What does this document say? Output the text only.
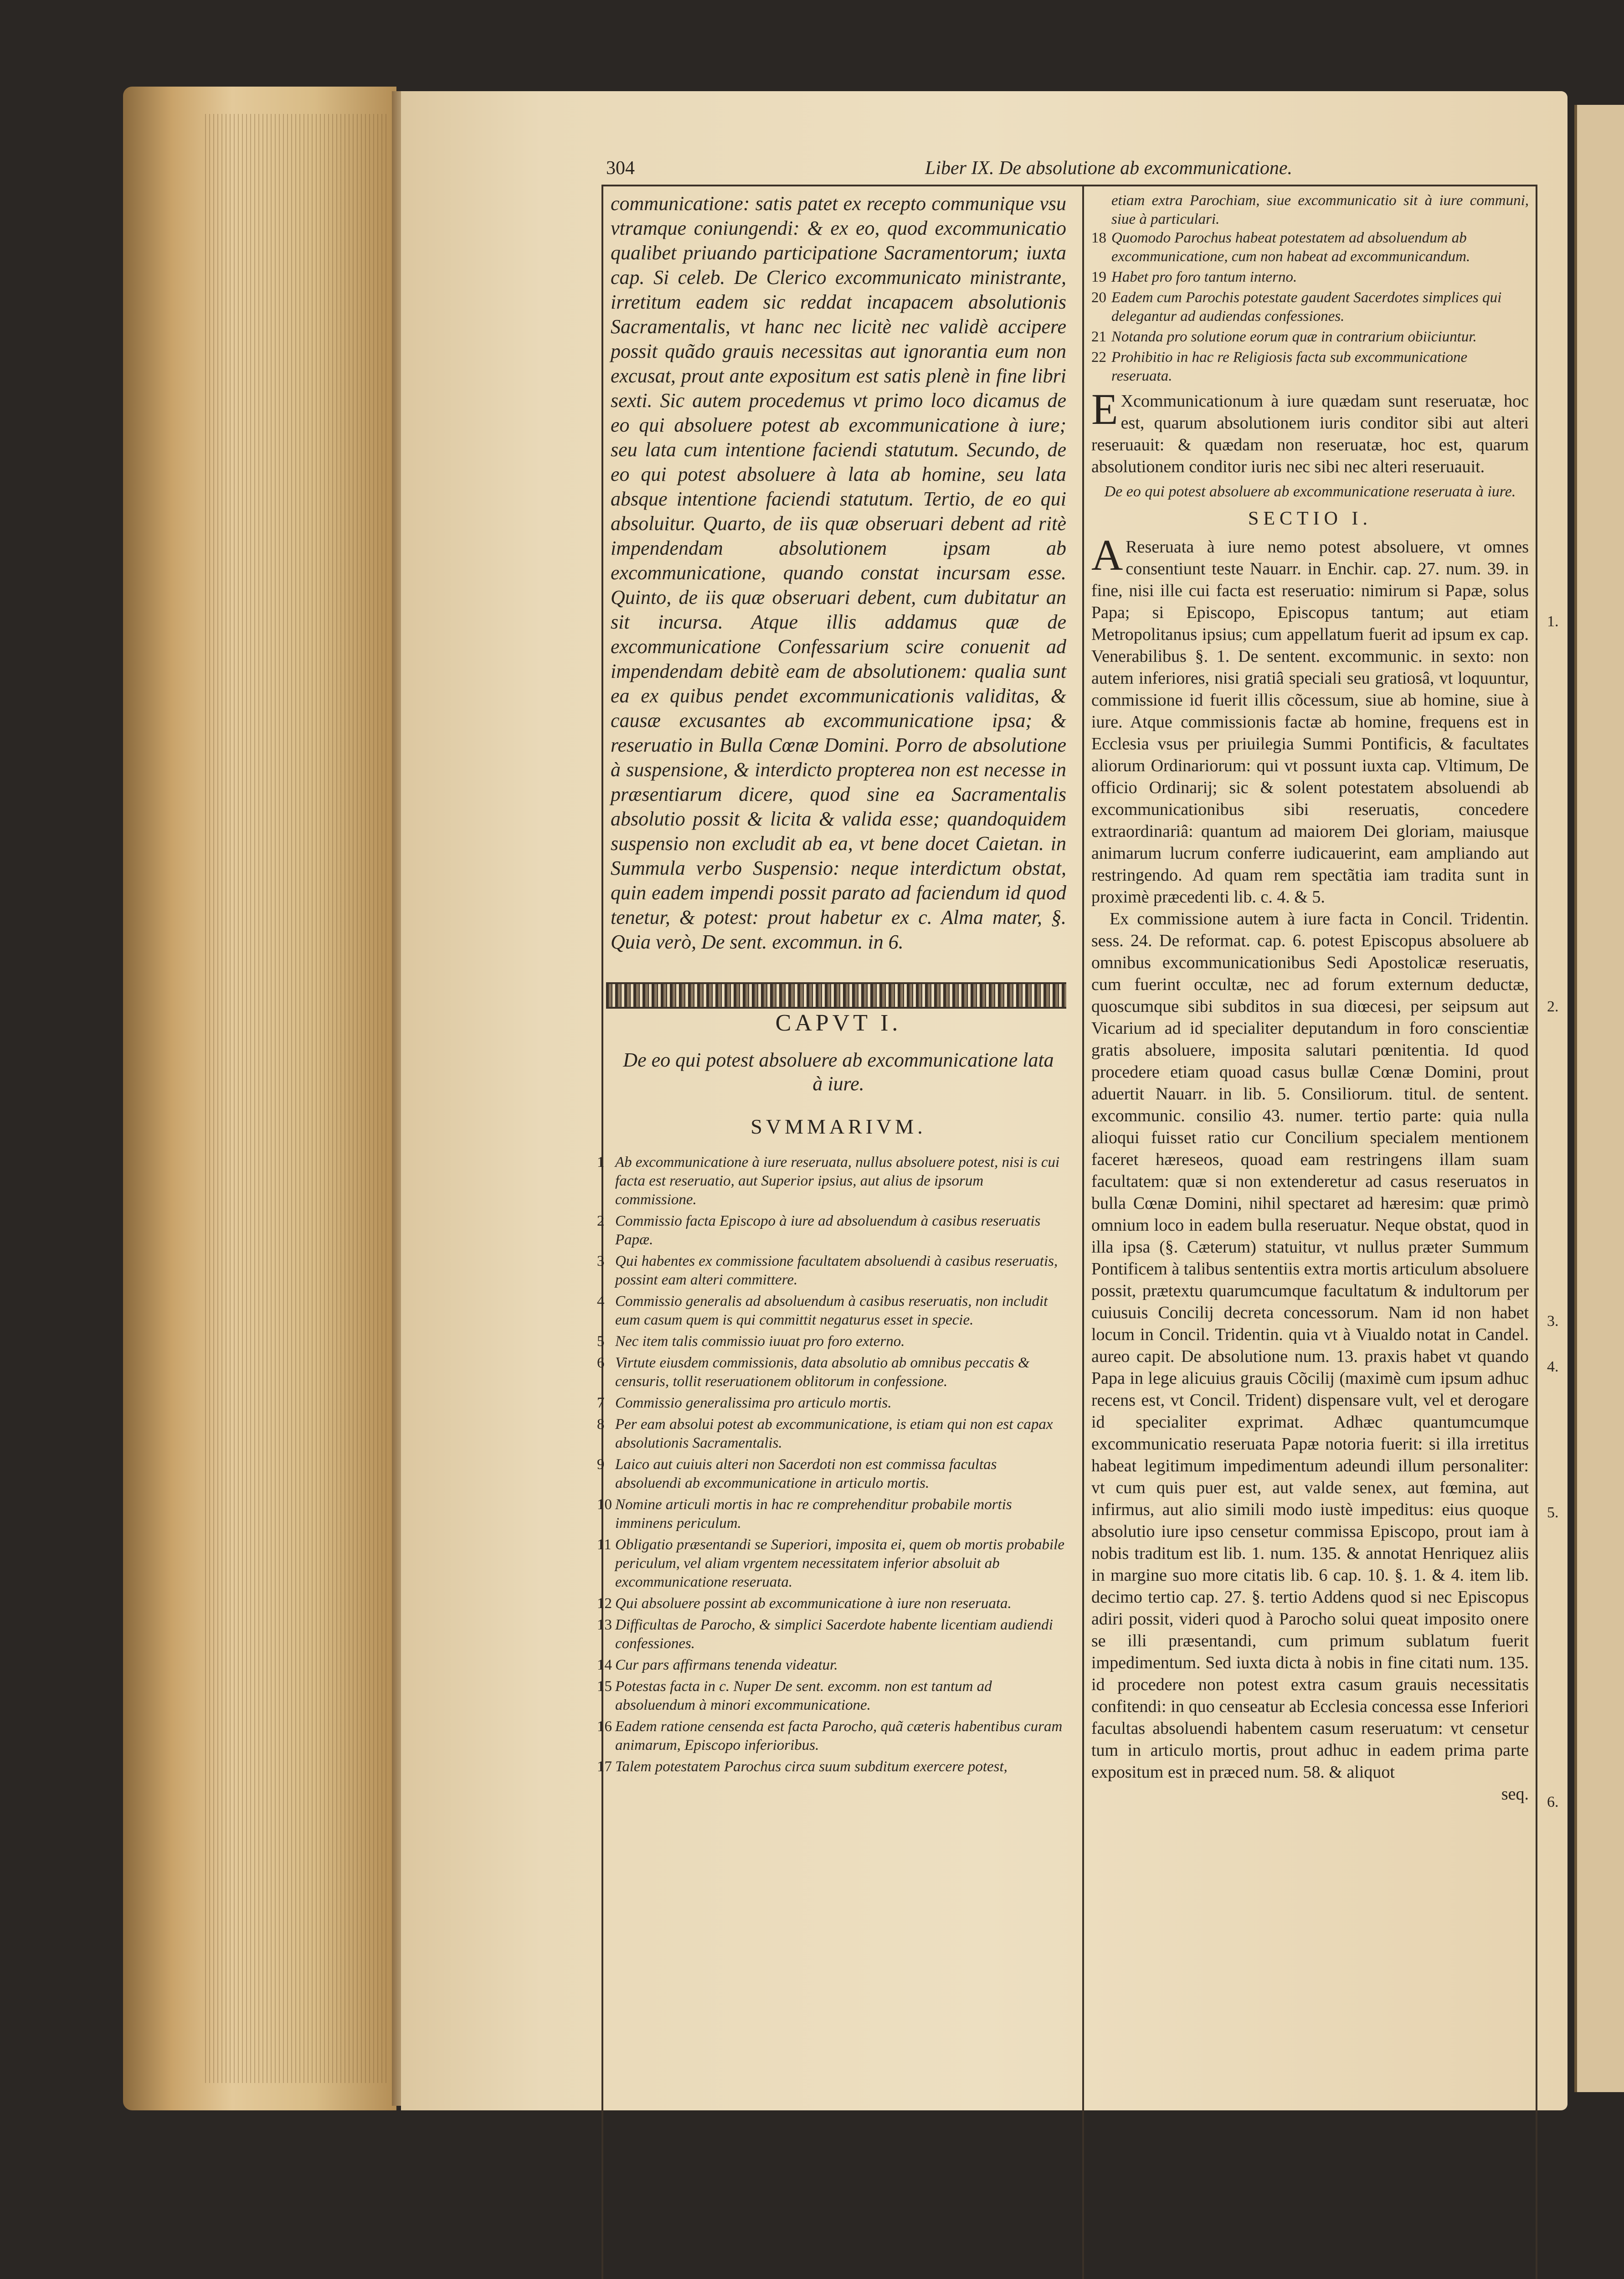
304	Liber IX. De absolutione ab excommunicatione.

communicatione: satis patet ex recepto communique vsu vtramque coniungendi: & ex eo, quod excommunicatio qualibet priuando participatione Sacramentorum; iuxta cap. Si celeb. De Clerico excommunicato ministrante, irretitum eadem sic reddat incapacem absolutionis Sacramentalis, vt hanc nec licitè nec validè accipere possit quãdo grauis necessitas aut ignorantia eum non excusat, prout ante expositum est satis plenè in fine libri sexti. Sic autem procedemus vt primo loco dicamus de eo qui absoluere potest ab excommunicatione à iure; seu lata cum intentione faciendi statutum. Secundo, de eo qui potest absoluere à lata ab homine, seu lata absque intentione faciendi statutum. Tertio, de eo qui absoluitur. Quarto, de iis quæ obseruari debent ad ritè impendendam absolutionem ipsam ab excommunicatione, quando constat incursam esse. Quinto, de iis quæ obseruari debent, cum dubitatur an sit incursa. Atque illis addamus quæ de excommunicatione Confessarium scire conuenit ad impendendam debitè eam de absolutionem: qualia sunt ea ex quibus pendet excommunicationis validitas, & causæ excusantes ab excommunicatione ipsa; & reseruatio in Bulla Cœnæ Domini. Porro de absolutione à suspensione, & interdicto propterea non est necesse in præsentiarum dicere, quod sine ea Sacramentalis absolutio possit & licita & valida esse; quandoquidem suspensio non excludit ab ea, vt bene docet Caietan. in Summula verbo Suspensio: neque interdictum obstat, quin eadem impendi possit parato ad faciendum id quod tenetur, & potest: prout habetur ex c. Alma mater, §. Quia verò, De sent. excommun. in 6.

CAPVT I.
De eo qui potest absoluere ab excommunicatione lata à iure.
SVMMARIVM.
1 Ab excommunicatione à iure reseruata, nullus absoluere potest, nisi is cui facta est reseruatio, aut Superior ipsius, aut alius de ipsorum commissione.
2 Commissio facta Episcopo à iure ad absoluendum à casibus reseruatis Papæ.
3 Qui habentes ex commissione facultatem absoluendi à casibus reseruatis, possint eam alteri committere.
4 Commissio generalis ad absoluendum à casibus reseruatis, non includit eum casum quem is qui committit negaturus esset in specie.
5 Nec item talis commissio iuuat pro foro externo.
6 Virtute eiusdem commissionis, data absolutio ab omnibus peccatis & censuris, tollit reseruationem oblitorum in confessione.
7 Commissio generalissima pro articulo mortis.
8 Per eam absolui potest ab excommunicatione, is etiam qui non est capax absolutionis Sacramentalis.
9 Laico aut cuiuis alteri non Sacerdoti non est commissa facultas absoluendi ab excommunicatione in articulo mortis.
10 Nomine articuli mortis in hac re comprehenditur probabile mortis imminens periculum.
11 Obligatio præsentandi se Superiori, imposita ei, quem ob mortis probabile periculum, vel aliam vrgentem necessitatem inferior absoluit ab excommunicatione reseruata.
12 Qui absoluere possint ab excommunicatione à iure non reseruata.
13 Difficultas de Parocho, & simplici Sacerdote habente licentiam audiendi confessiones.
14 Cur pars affirmans tenenda videatur.
15 Potestas facta in c. Nuper De sent. excomm. non est tantum ad absoluendum à minori excommunicatione.
16 Eadem ratione censenda est facta Parocho, quã cæteris habentibus curam animarum, Episcopo inferioribus.
17 Talem potestatem Parochus circa suum subditum exercere potest,

etiam extra Parochiam, siue excommunicatio sit à iure communi, siue à particulari.

18 Quomodo Parochus habeat potestatem ad absoluendum ab excommunicatione, cum non habeat ad excommunicandum.
19 Habet pro foro tantum interno.
20 Eadem cum Parochis potestate gaudent Sacerdotes simplices qui delegantur ad audiendas confessiones.
21 Notanda pro solutione eorum quæ in contrarium obiiciuntur.
22 Prohibitio in hac re Religiosis facta sub excommunicatione reseruata.

E Xcommunicationum à iure quædam sunt reseruatæ, hoc est, quarum absolutionem iuris conditor sibi aut alteri reseruauit: & quædam non reseruatæ, hoc est, quarum absolutionem conditor iuris nec sibi nec alteri reseruauit.

De eo qui potest absoluere ab excommunicatione reseruata à iure.
SECTIO I.

A Reseruata à iure nemo potest absoluere, vt omnes consentiunt teste Nauarr. in Enchir. cap. 27. num. 39. in fine, nisi ille cui facta est reseruatio: nimirum si Papæ, solus Papa; si Episcopo, Episcopus tantum; aut etiam Metropolitanus ipsius; cum appellatum fuerit ad ipsum ex cap. Venerabilibus §. 1. De sentent. excommunic. in sexto: non autem inferiores, nisi gratiâ speciali seu gratiosâ, vt loquuntur, commissione id fuerit illis cõcessum, siue ab homine, siue à iure. Atque commissionis factæ ab homine, frequens est in Ecclesia vsus per priuilegia Summi Pontificis, & facultates aliorum Ordinariorum: qui vt possunt iuxta cap. Vltimum, De officio Ordinarij; sic & solent potestatem absoluendi ab excommunicationibus sibi reseruatis, concedere extraordinariâ: quantum ad maiorem Dei gloriam, maiusque animarum lucrum conferre iudicauerint, eam ampliando aut restringendo. Ad quam rem spectãtia iam tradita sunt in proximè præcedenti lib. c. 4. & 5.

Ex commissione autem à iure facta in Concil. Tridentin. sess. 24. De reformat. cap. 6. potest Episcopus absoluere ab omnibus excommunicationibus Sedi Apostolicæ reseruatis, cum fuerint occultæ, nec ad forum externum deductæ, quoscumque sibi subditos in sua diœcesi, per seipsum aut Vicarium ad id specialiter deputandum in foro conscientiæ gratis absoluere, imposita salutari pœnitentia. Id quod procedere etiam quoad casus bullæ Cœnæ Domini, prout aduertit Nauarr. in lib. 5. Consiliorum. titul. de sentent. excommunic. consilio 43. numer. tertio parte: quia nulla alioqui fuisset ratio cur Concilium specialem mentionem faceret hæreseos, quoad eam restringens illam suam facultatem: quæ si non extenderetur ad casus reseruatos in bulla Cœnæ Domini, nihil spectaret ad hæresim: quæ primò omnium loco in eadem bulla reseruatur. Neque obstat, quod in illa ipsa (§. Cæterum) statuitur, vt nullus præter Summum Pontificem à talibus sententiis extra mortis articulum absoluere possit, prætextu quarumcumque facultatum & indultorum per cuiusuis Concilij decreta concessorum. Nam id non habet locum in Concil. Tridentin. quia vt à Viualdo notat in Candel. aureo capit. De absolutione num. 13. praxis habet vt quando Papa in lege alicuius grauis Cõcilij (maximè cum ipsum adhuc recens est, vt Concil. Trident) dispensare vult, vel et derogare id specialiter exprimat. Adhæc quantumcumque excommunicatio reseruata Papæ notoria fuerit: si illa irretitus habeat legitimum impedimentum adeundi illum personaliter: vt cum quis puer est, aut valde senex, aut fœmina, aut infirmus, aut alio simili modo iustè impeditus: eius quoque absolutio iure ipso censetur commissa Episcopo, prout iam à nobis traditum est lib. 1. num. 135. & annotat Henriquez aliis in margine suo more citatis lib. 6 cap. 10. §. 1. & 4. item lib. decimo tertio cap. 27. §. tertio Addens quod si nec Episcopus adiri possit, videri quod à Parocho solui queat imposito onere se illi præsentandi, cum primum sublatum fuerit impedimentum. Sed iuxta dicta à nobis in fine citati num. 135. id procedere non potest extra casum grauis necessitatis confitendi: in quo censeatur ab Ecclesia concessa esse Inferiori facultas absoluendi habentem casum reseruatum: vt censetur tum in articulo mortis, prout adhuc in eadem prima parte expositum est in præced num. 58. & aliquot

seq.

1.
2.
3.
4.
5.
6.
